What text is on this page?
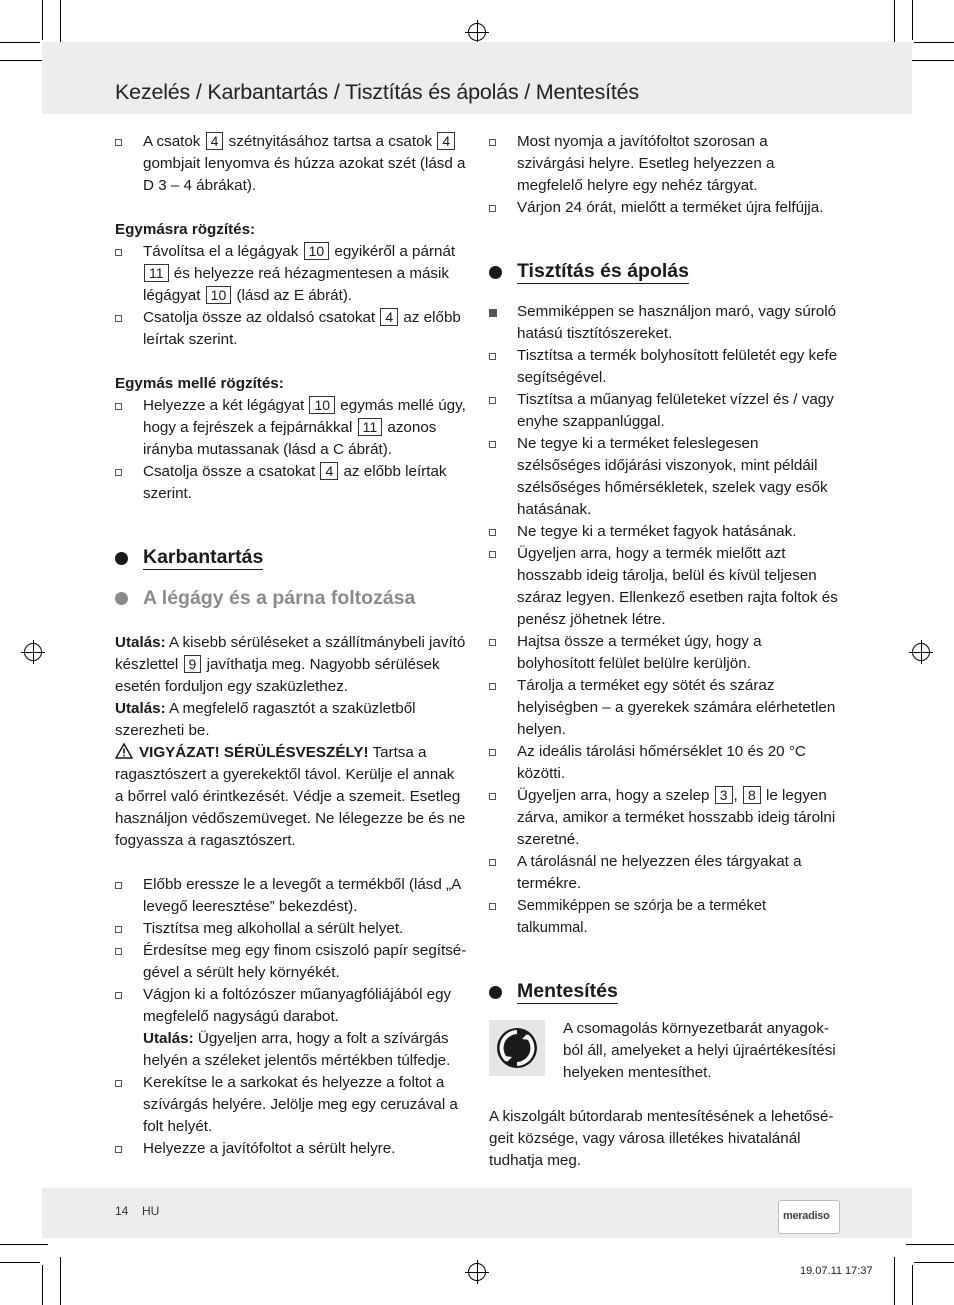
Kezelés / Karbantartás / Tisztítás és ápolás / Mentesítés
A csatok 4 szétnyitásához tartsa a csatok 4 gombjait lenyomva és húzza azokat szét (lásd a D 3 – 4 ábrákat).

Egymásra rögzítés:

Távolítsa el a légágyak 10 egyikéről a párnát 11 és helyezze reá hézagmentesen a másik légágyat 10 (lásd az E ábrát).
Csatolja össze az oldalsó csatokat 4 az előbb leírtak szerint.

Egymás mellé rögzítés:

Helyezze a két légágyat 10 egymás mellé úgy, hogy a fejrészek a fejpárnákkal 11 azonos irányba mutassanak (lásd a C ábrát).
Csatolja össze a csatokat 4 az előbb leírtak szerint.
Karbantartás
A légágy és a párna foltozása

Utalás: A kisebb sérüléseket a szállítmánybeli javító készlettel 9 javíthatja meg. Nagyobb sérülések esetén forduljon egy szaküzlethez.

Utalás: A megfelelő ragasztót a szaküzletből szerezheti be.

VIGYÁZAT! SÉRÜLÉSVESZÉLY! Tartsa a ragasztószert a gyerekektől távol. Kerülje el annak a bőrrel való érintkezését. Védje a szemeit. Esetleg használjon védőszemüveget. Ne lélegezze be és ne fogyassza a ragasztószert.

Előbb eressze le a levegőt a termékből (lásd „A levegő leeresztése” bekezdést).
Tisztítsa meg alkohollal a sérült helyet.
Érdesítse meg egy finom csiszoló papír segítségével a sérült hely környékét.
Vágjon ki a foltózószer műanyagfóliájából egy megfelelő nagyságú darabot.
Utalás: Ügyeljen arra, hogy a folt a szívárgás helyén a széleket jelentős mértékben túlfedje.
Kerekítse le a sarkokat és helyezze a foltot a szívárgás helyére. Jelölje meg egy ceruzával a folt helyét.
Helyezze a javítófoltot a sérült helyre.
Most nyomja a javítófoltot szorosan a szivárgási helyre. Esetleg helyezzen a megfelelő helyre egy nehéz tárgyat.
Várjon 24 órát, mielőtt a terméket újra felfújja.
Tisztítás és ápolás
Semmiképpen se használjon maró, vagy súroló hatású tisztítószereket.
Tisztítsa a termék bolyhosított felületét egy kefe segítségével.
Tisztítsa a műanyag felületeket vízzel és / vagy enyhe szappanlúggal.
Ne tegye ki a terméket feleslegesen szélsőséges időjárási viszonyok, mint példáil szélsőséges hőmérsékletek, szelek vagy esők hatásának.
Ne tegye ki a terméket fagyok hatásának.
Ügyeljen arra, hogy a termék mielőtt azt hosszabb ideig tárolja, belül és kívül teljesen száraz legyen. Ellenkező esetben rajta foltok és penész jöhetnek létre.
Hajtsa össze a terméket úgy, hogy a bolyhosított felület belülre kerüljön.
Tárolja a terméket egy sötét és száraz helyiségben – a gyerekek számára elérhetetlen helyen.
Az ideális tárolási hőmérséklet 10 és 20 °C közötti.
Ügyeljen arra, hogy a szelep 3 , 8 le legyen zárva, amikor a terméket hosszabb ideig tárolni szeretné.
A tárolásnál ne helyezzen éles tárgyakat a termékre.
Semmiképpen se szórja be a terméket talkummal.
Mentesítés

A csomagolás környezetbarát anyagokból áll, amelyeket a helyi újraértékesítési helyeken mentesíthet.

A kiszolgált bútordarab mentesítésének a lehetőségeit községe, vagy városa illetékes hivatalánál tudhatja meg.

14 HU	meradiso
19.07.11 17:37
